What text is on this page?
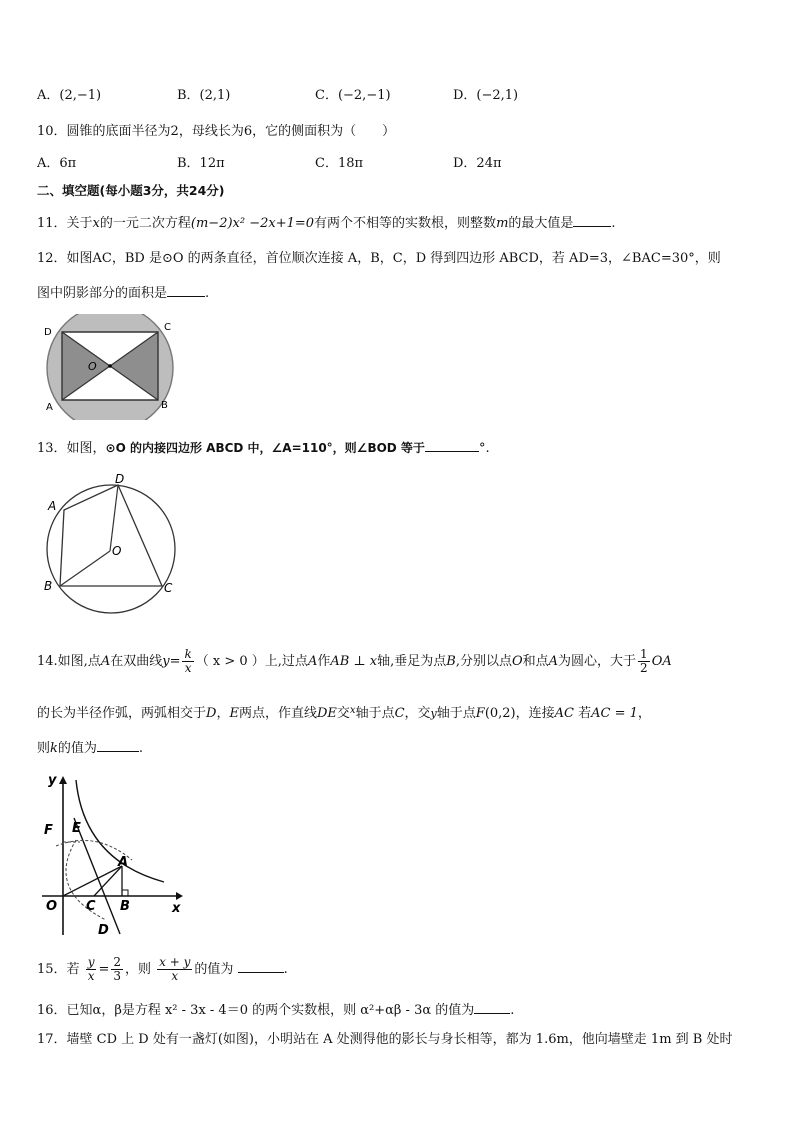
A．(2,−1)	B．(2,1)	C．(−2,−1)	D．(−2,1)
10．圆锥的底面半径为2，母线长为6，它的侧面积为（　　）
A．6π	B．12π	C．18π	D．24π
二、填空题(每小题3分，共24分)
11．关于x的一元二次方程(m−2)x² −2x+1=0有两个不相等的实数根，则整数m的最大值是	.
12．如图AC，BD 是⊙O 的两条直径，首位顺次连接 A，B，C，D 得到四边形 ABCD，若 AD=3，∠BAC=30°，则
图中阴影部分的面积是	.
D	C
O
A	B
13．如图，⊙O 的内接四边形 ABCD 中，∠A=110°，则∠BOD 等于	°.
A
D
O
B	C
14.如图,点A在双曲线$y= \frac{k}{x}$ （ x > 0 ）上,过点A作AB ⊥ x轴,垂足为点B,分别以点O和点A为圆心，大于 $\frac{1}{2}$ OA
的长为半径作弧，两弧相交于D，E两点，作直线DE交$^x$轴于点C，交y轴于点F(0,2)，连接AC 若AC = 1，
则k的值为	.
y
F E
A
O C B	x
D
15．若 $\frac{y}{x} = \frac{2}{3}$ ，则 $\frac{x + y}{x}$ 的值为	.
16．已知α，β是方程 x² - 3x - 4＝0 的两个实数根，则 α²+αβ - 3α 的值为	.
17．墙壁 CD 上 D 处有一盏灯(如图)，小明站在 A 处测得他的影长与身长相等，都为 1.6m，他向墙壁走 1m 到 B 处时
